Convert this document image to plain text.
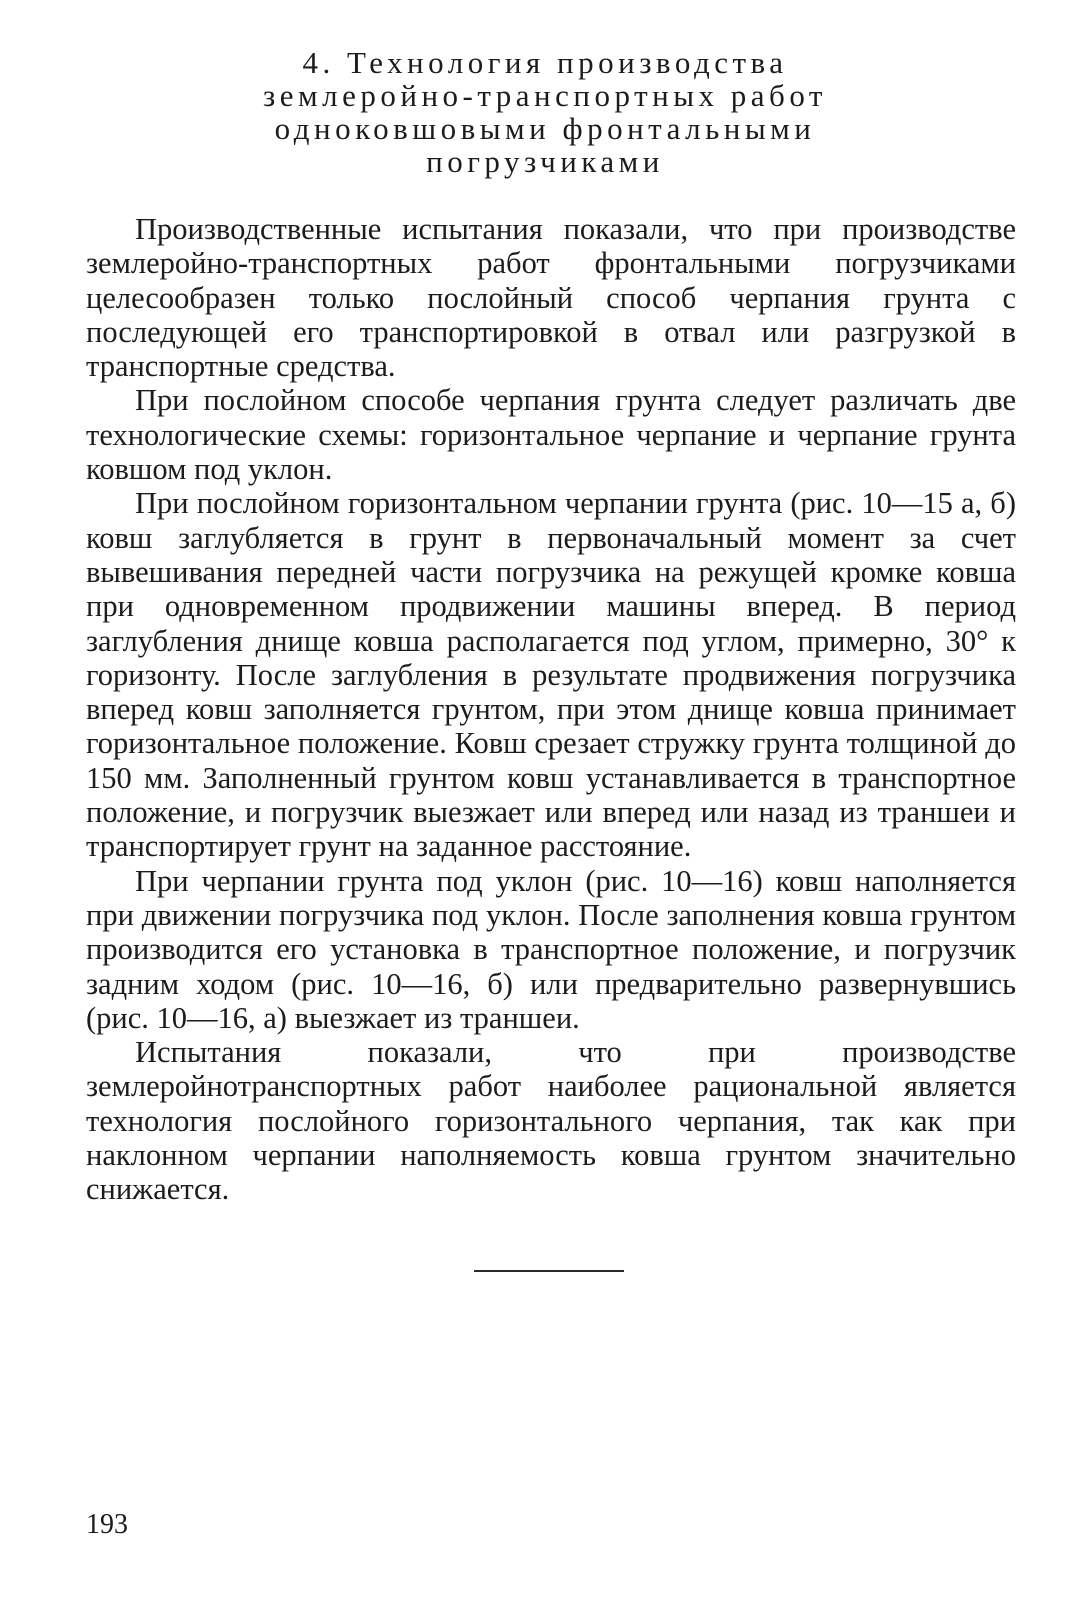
4. Технология производства
землеройно-транспортных работ
одноковшовыми фронтальными
погрузчиками

Производственные испытания показали, что при производстве землеройно-транспортных работ фронтальными погрузчиками целесообразен только послойный способ черпания грунта с последующей его транспортировкой в отвал или разгрузкой в транспортные средства.

При послойном способе черпания грунта следует различать две технологические схемы: горизонтальное черпание и черпание грунта ковшом под уклон.

При послойном горизонтальном черпании грунта (рис. 10—15 а, б) ковш заглубляется в грунт в первоначальный момент за счет вывешивания передней части погрузчика на режущей кромке ковша при одновременном продвижении машины вперед. В период заглубления днище ковша располагается под углом, примерно, 30° к горизонту. После заглубления в результате продвижения погрузчика вперед ковш заполняется грунтом, при этом днище ковша принимает горизонтальное положение. Ковш срезает стружку грунта толщиной до 150 мм. Заполненный грунтом ковш устанавливается в транспортное положение, и погрузчик выезжает или вперед или назад из траншеи и транспортирует грунт на заданное расстояние.

При черпании грунта под уклон (рис. 10—16) ковш наполняется при движении погрузчика под уклон. После заполнения ковша грунтом производится его установка в транспортное положение, и погрузчик задним ходом (рис. 10—16, б) или предварительно развернувшись (рис. 10—16, а) выезжает из траншеи.

Испытания показали, что при производстве землеройнотранспортных работ наиболее рациональной является технология послойного горизонтального черпания, так как при наклонном черпании наполняемость ковша грунтом значительно снижается.

193
